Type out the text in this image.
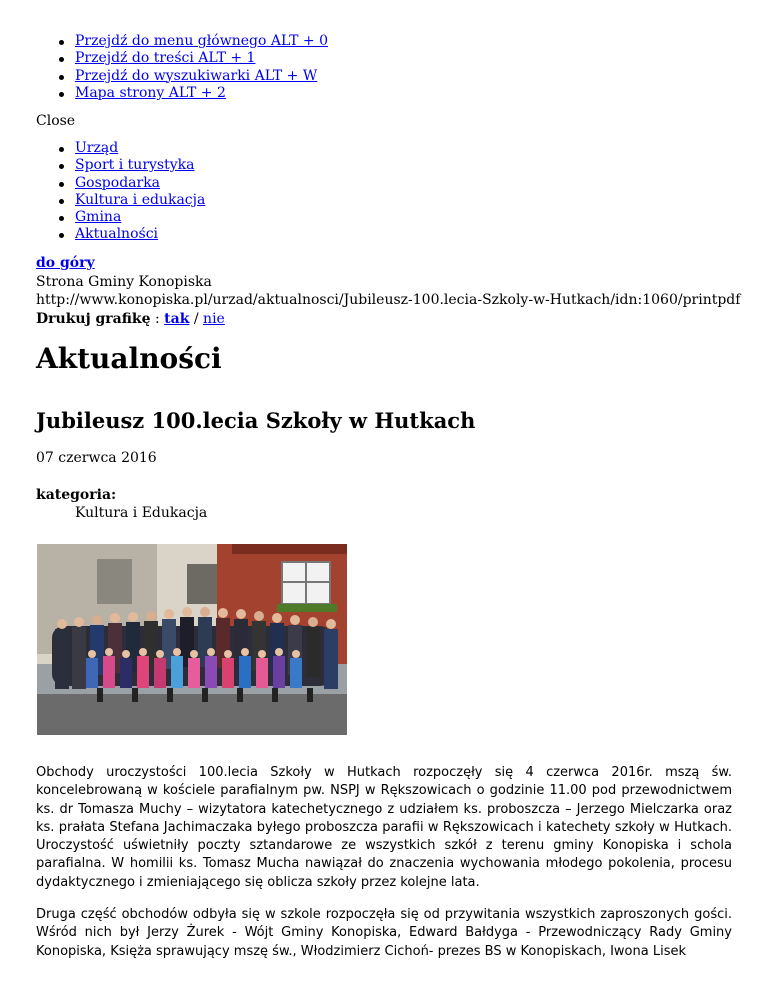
Przejdź do menu głównego ALT + 0
Przejdź do treści ALT + 1
Przejdź do wyszukiwarki ALT + W
Mapa strony ALT + 2
Close
Urząd
Sport i turystyka
Gospodarka
Kultura i edukacja
Gmina
Aktualności
do góry
Strona Gminy Konopiska
http://www.konopiska.pl/urzad/aktualnosci/Jubileusz-100.lecia-Szkoly-w-Hutkach/idn:1060/printpdf
Drukuj grafikę : tak / nie
Aktualności
Jubileusz 100.lecia Szkoły w Hutkach
07 czerwca 2016
kategoria:
Kultura i Edukacja

Obchody uroczystości 100.lecia Szkoły w Hutkach rozpoczęły się 4 czerwca 2016r. mszą św. koncelebrowaną w kościele parafialnym pw. NSPJ w Rększowicach o godzinie 11.00 pod przewodnictwem ks. dr Tomasza Muchy – wizytatora katechetycznego z udziałem ks. proboszcza – Jerzego Mielczarka oraz ks. prałata Stefana Jachimaczaka byłego proboszcza parafii w Rększowicach i katechety szkoły w Hutkach. Uroczystość uświetniły poczty sztandarowe ze wszystkich szkół z terenu gminy Konopiska i schola parafialna. W homilii ks. Tomasz Mucha nawiązał do znaczenia wychowania młodego pokolenia, procesu dydaktycznego i zmieniającego się oblicza szkoły przez kolejne lata.

Druga część obchodów odbyła się w szkole rozpoczęła się od przywitania wszystkich zaproszonych gości. Wśród nich był Jerzy Żurek - Wójt Gminy Konopiska, Edward Bałdyga - Przewodniczący Rady Gminy Konopiska, Księża sprawujący mszę św., Włodzimierz Cichoń- prezes BS w Konopiskach, Iwona Lisek
